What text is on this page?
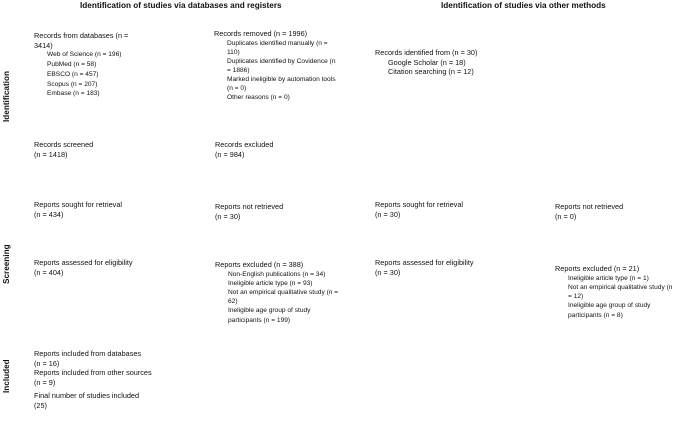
Identification of studies via databases and registers	Identification of studies via other methods
Identification
Screening
Included
Records from databases (n = 3414)
Web of Science (n = 196)
PubMed (n = 58)
EBSCO (n = 457)
Scopus (n = 207)
Embase (n = 183)
Records removed (n = 1996)
Duplicates identified manually (n = 110)
Duplicates identified by Covidence (n = 1886)
Marked ineligible by automation tools (n = 0)
Other reasons (n = 0)
Records identified from (n = 30)
Google Scholar (n = 18)
Citation searching (n = 12)
Records screened
(n = 1418)
Records excluded
(n = 984)
Reports sought for retrieval
(n = 434)
Reports not retrieved
(n = 30)
Reports sought for retrieval
(n = 30)
Reports not retrieved
(n = 0)
Reports assessed for eligibility
(n = 404)
Reports excluded (n = 388)
Non-English publications (n = 34)
Ineligible article type (n = 93)
Not an empirical qualitative study (n = 62)
Ineligible age group of study participants (n = 199)
Reports assessed for eligibility
(n = 30)	Reports excluded (n = 21)
Ineligible article type (n = 1)
Not an empirical qualitative study (n = 12)
Ineligible age group of study participants (n = 8)
Reports included from databases
(n = 16)
Reports included from other sources
(n = 9)
Final number of studies included
(25)
